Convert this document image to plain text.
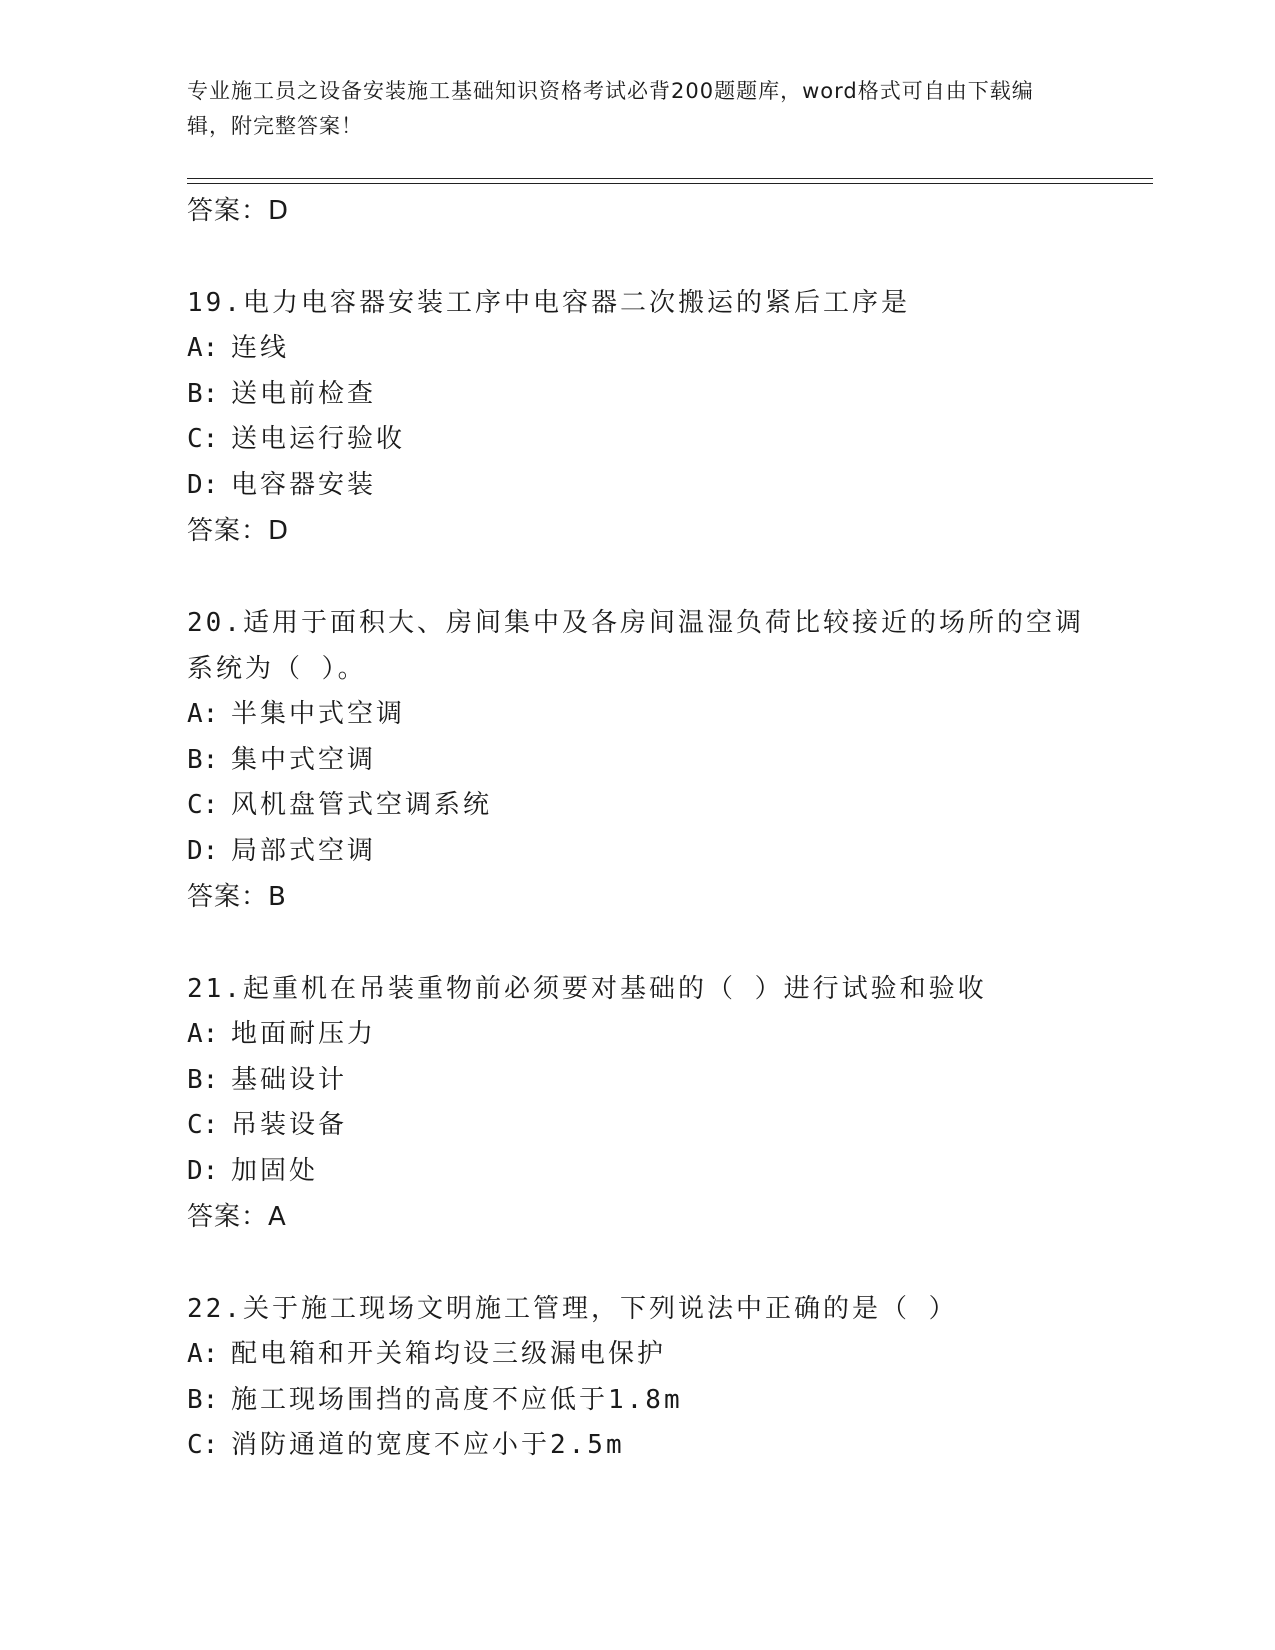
专业施工员之设备安装施工基础知识资格考试必背200题题库，word格式可自由下载编辑，附完整答案！
答案：D
19.电力电容器安装工序中电容器二次搬运的紧后工序是
A: 连线
B: 送电前检查
C: 送电运行验收
D: 电容器安装
答案：D
20.适用于面积大、房间集中及各房间温湿负荷比较接近的场所的空调系统为（ ）。
A: 半集中式空调
B: 集中式空调
C: 风机盘管式空调系统
D: 局部式空调
答案：B
21.起重机在吊装重物前必须要对基础的（ ）进行试验和验收
A: 地面耐压力
B: 基础设计
C: 吊装设备
D: 加固处
答案：A
22.关于施工现场文明施工管理，下列说法中正确的是（ ）
A: 配电箱和开关箱均设三级漏电保护
B: 施工现场围挡的高度不应低于1.8m
C: 消防通道的宽度不应小于2.5m
